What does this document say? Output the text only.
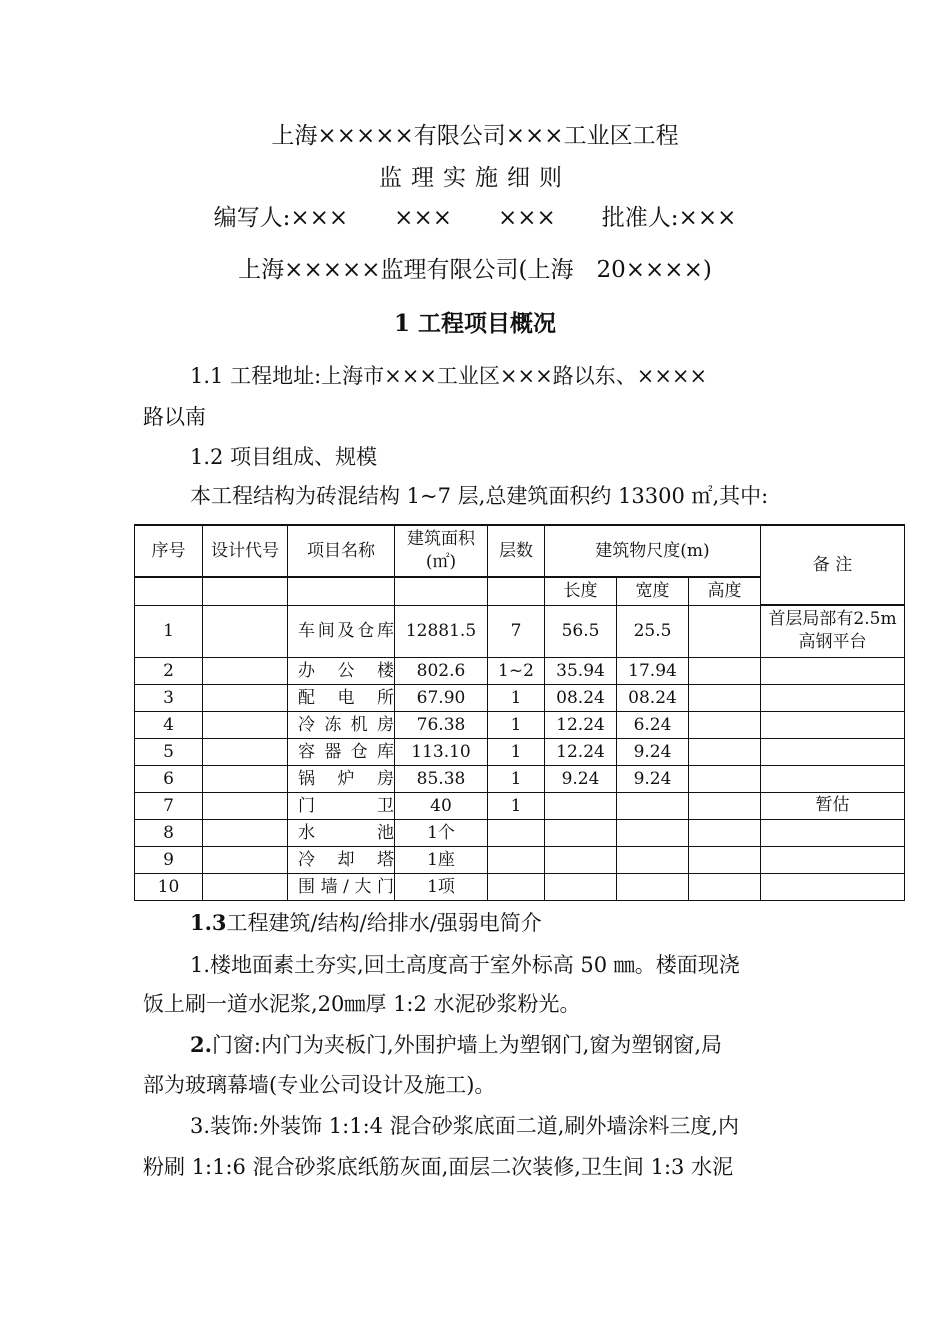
上海×××××有限公司×××工业区工程
监理实施细则
编写人:×××　　×××　　×××　　批准人:×××
上海×××××监理有限公司(上海　20××××)
1 工程项目概况
1.1 工程地址:上海市×××工业区×××路以东、××××
路以南
1.2 项目组成、规模
本工程结构为砖混结构 1~7 层,总建筑面积约 13300 ㎡,其中:
序号	设计代号	项目名称	建筑面积(㎡)	层数	建筑物尺度(m)			备 注
					长度	宽度	高度	
1		车间及仓库	12881.5	7	56.5	25.5		首层局部有2.5m高钢平台
2		办公楼	802.6	1~2	35.94	17.94		
3		配电所	67.90	1	08.24	08.24		
4		冷冻机房	76.38	1	12.24	6.24		
5		容器仓库	113.10	1	12.24	9.24		
6		锅炉房	85.38	1	9.24	9.24		
7		门卫	40	1				暂估
8		水池	1个					
9		冷却塔	1座					
10		围墙/大门	1项					
1.3工程建筑/结构/给排水/强弱电简介
1.楼地面素土夯实,回土高度高于室外标高 50 ㎜。楼面现浇
饭上刷一道水泥浆,20㎜厚 1:2 水泥砂浆粉光。
2.门窗:内门为夹板门,外围护墙上为塑钢门,窗为塑钢窗,局
部为玻璃幕墙(专业公司设计及施工)。
3.装饰:外装饰 1:1:4 混合砂浆底面二道,刷外墙涂料三度,内
粉刷 1:1:6 混合砂浆底纸筋灰面,面层二次装修,卫生间 1:3 水泥
